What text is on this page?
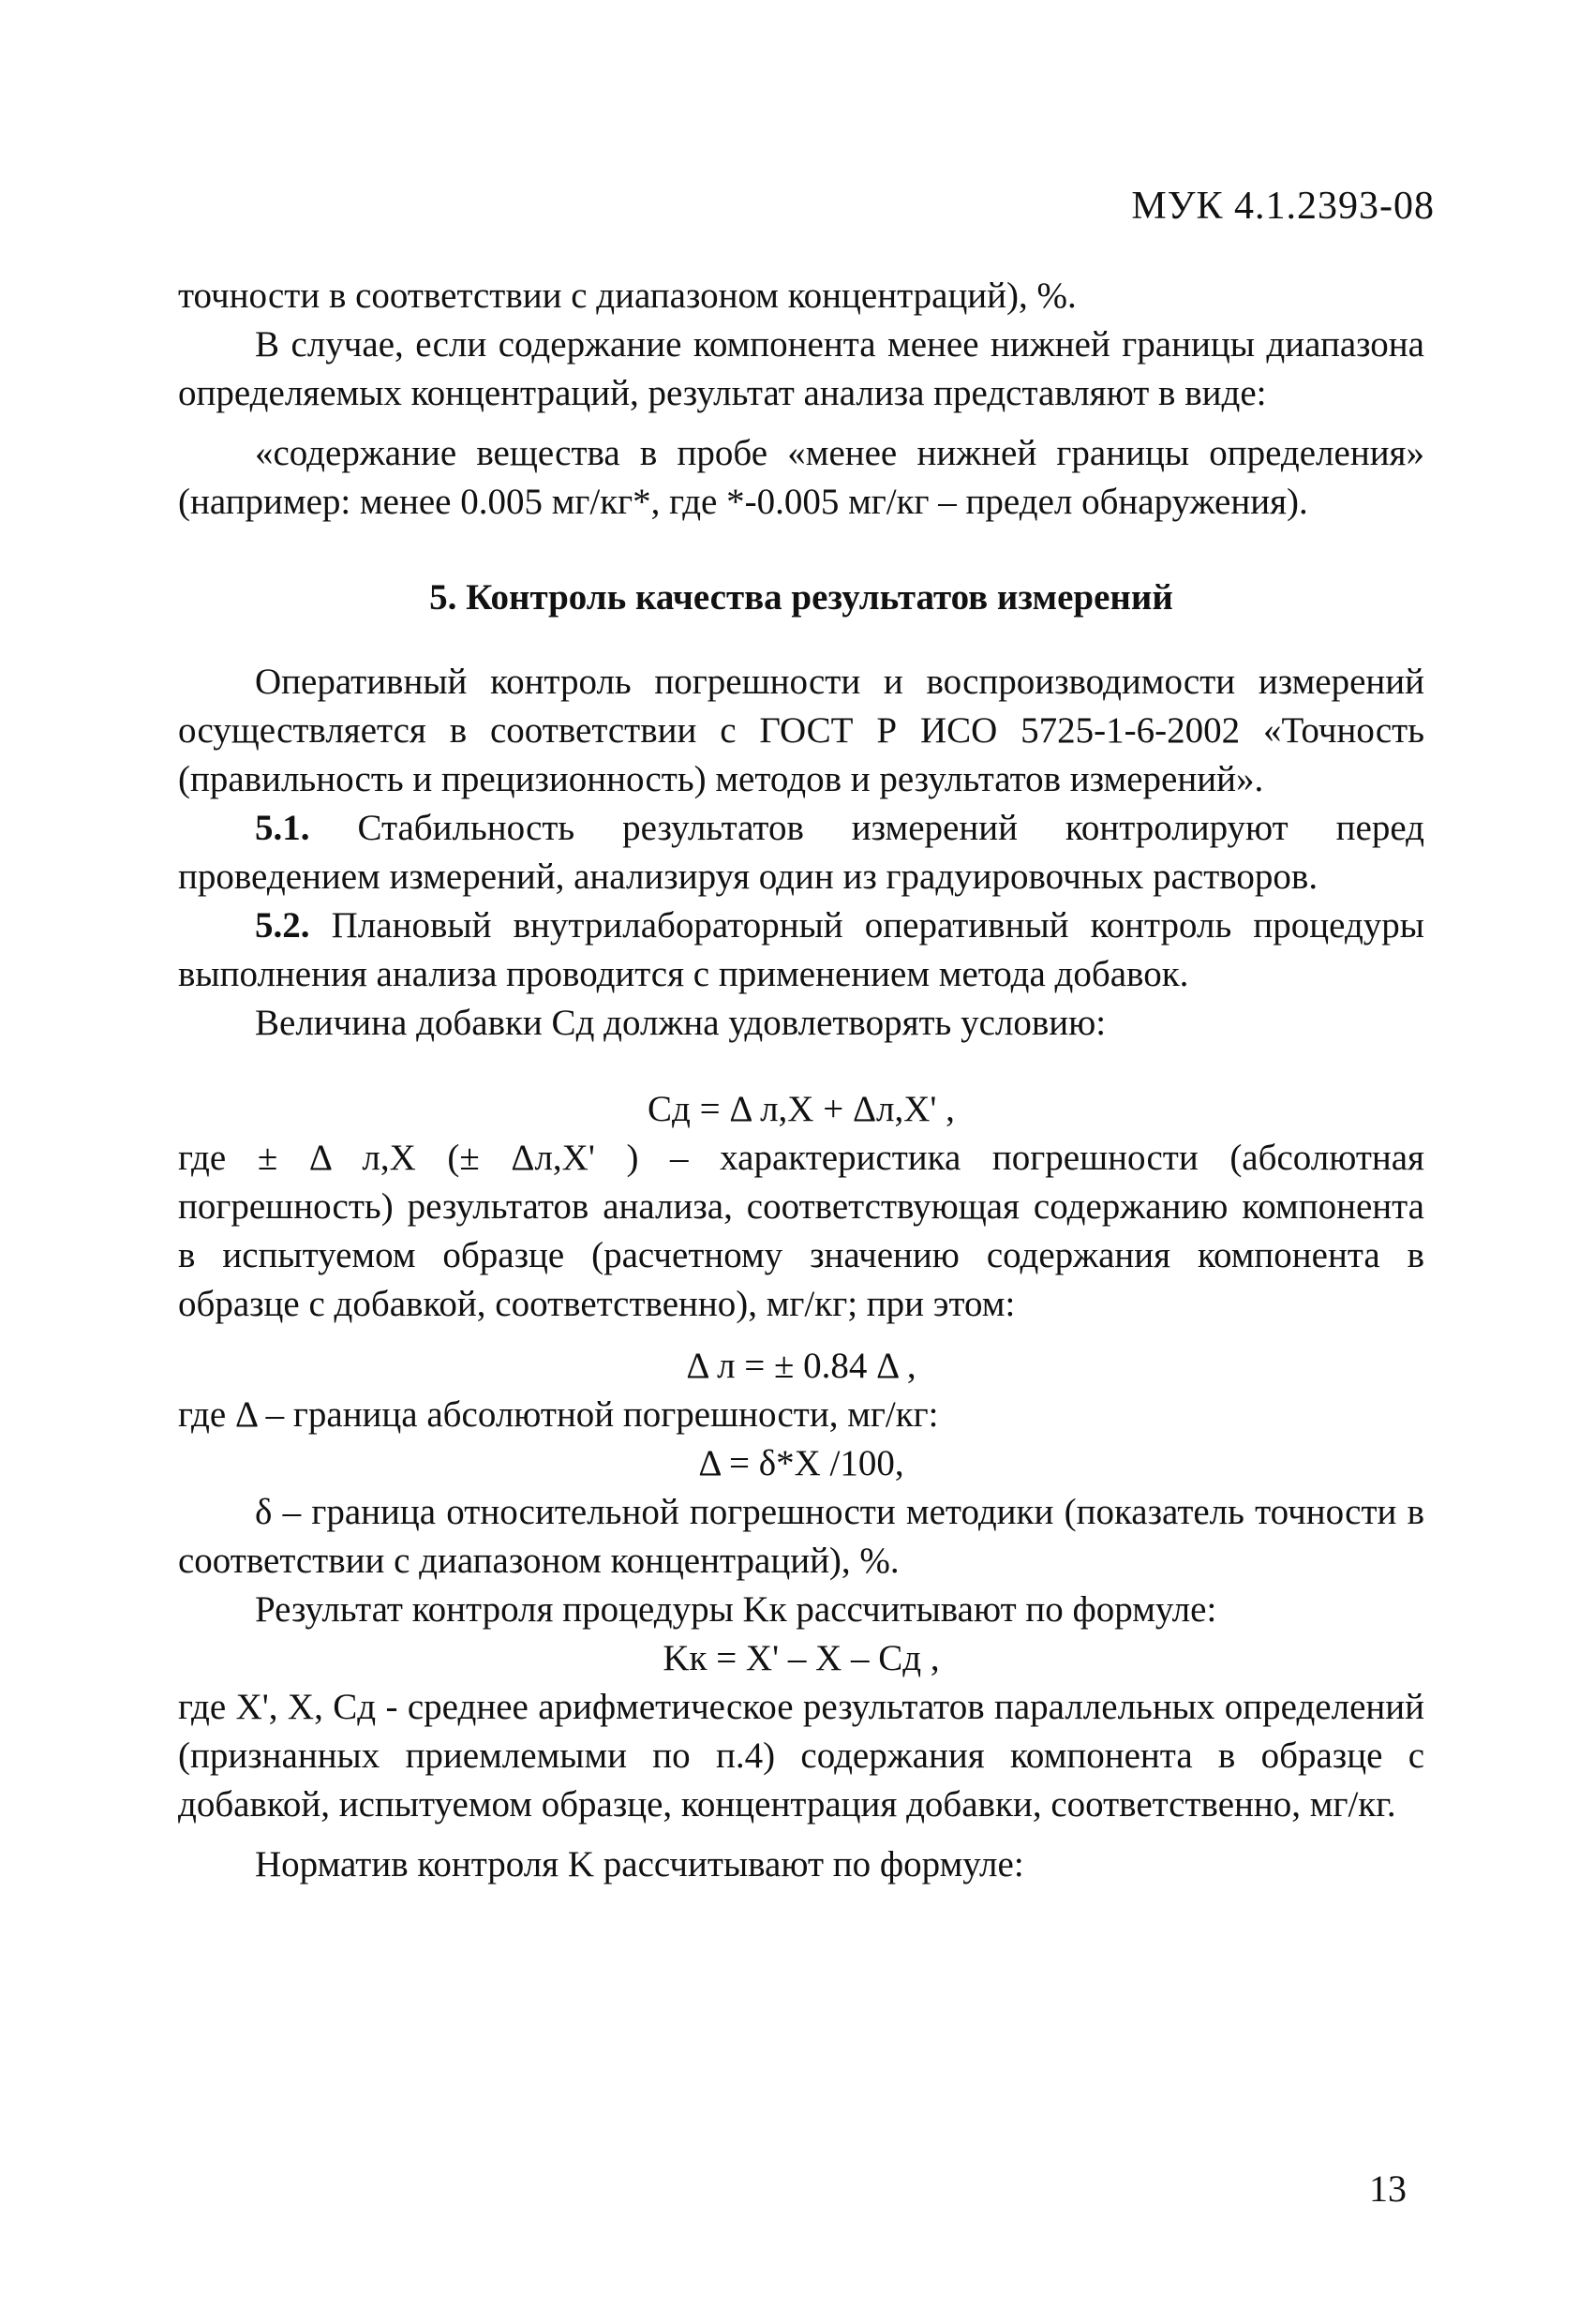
МУК 4.1.2393-08

точности в соответствии с диапазоном концентраций), %.

В случае, если содержание компонента менее нижней границы диапазона определяемых концентраций, результат анализа представляют в виде:

«содержание вещества в пробе «менее нижней границы определения» (например: менее 0.005 мг/кг*, где *-0.005 мг/кг – предел обнаружения).

5. Контроль качества результатов измерений

Оперативный контроль погрешности и воспроизводимости измерений осуществляется в соответствии с ГОСТ Р ИСО 5725-1-6-2002 «Точность (правильность и прецизионность) методов и результатов измерений».

5.1. Стабильность результатов измерений контролируют перед проведением измерений, анализируя один из градуировочных растворов.

5.2. Плановый внутрилабораторный оперативный контроль процедуры выполнения анализа проводится с применением метода добавок.

Величина добавки Cд должна удовлетворять условию:

Cд = Δ л,X + Δл,X' ,

где ± Δ л,X (± Δл,X' ) – характеристика погрешности (абсолютная погрешность) результатов анализа, соответствующая содержанию компонента в испытуемом образце (расчетному значению содержания компонента в образце с добавкой, соответственно), мг/кг; при этом:

Δ л = ± 0.84 Δ ,

где Δ – граница абсолютной погрешности, мг/кг:

Δ = δ*X /100,

δ – граница относительной погрешности методики (показатель точности в соответствии с диапазоном концентраций), %.

Результат контроля процедуры Kк рассчитывают по формуле:

Kк = X' – X – Cд ,

где X', X, Cд - среднее арифметическое результатов параллельных определений (признанных приемлемыми по п.4) содержания компонента в образце с добавкой, испытуемом образце, концентрация добавки, соответственно, мг/кг.

Норматив контроля K рассчитывают по формуле:

13
